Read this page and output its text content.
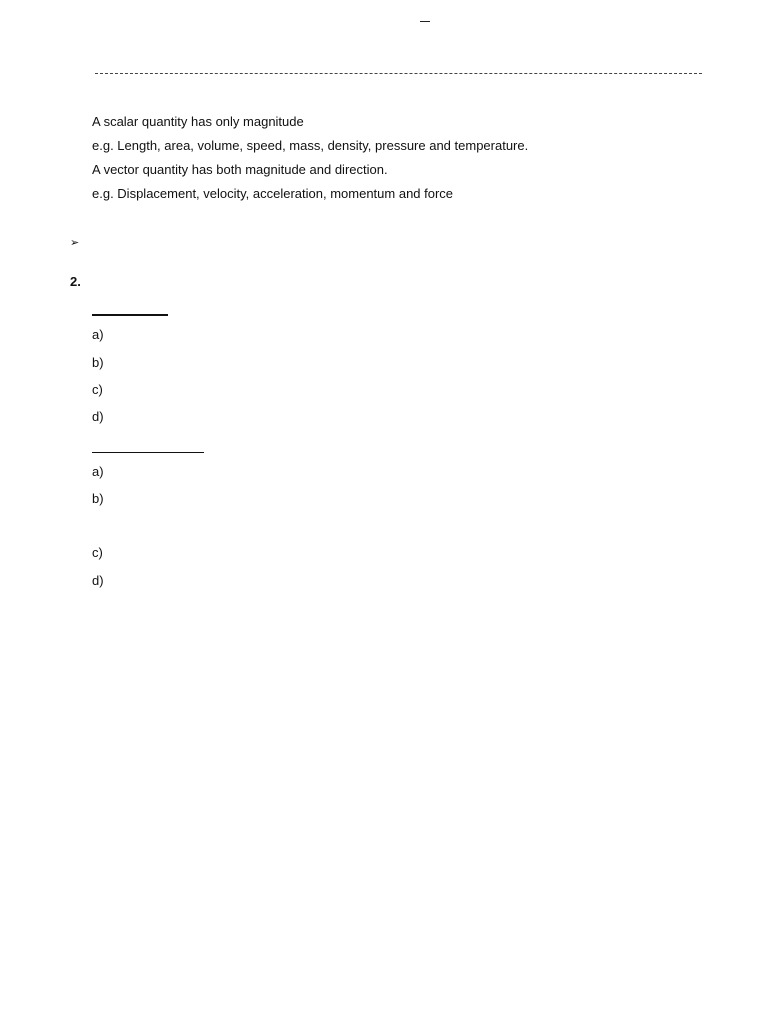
A scalar quantity has only magnitude
e.g. Length, area, volume, speed, mass, density, pressure and temperature.
A vector quantity has both magnitude and direction.
e.g. Displacement, velocity, acceleration, momentum and force
➢
2.
a)
b)
c)
d)
a)
b)
c)
d)
